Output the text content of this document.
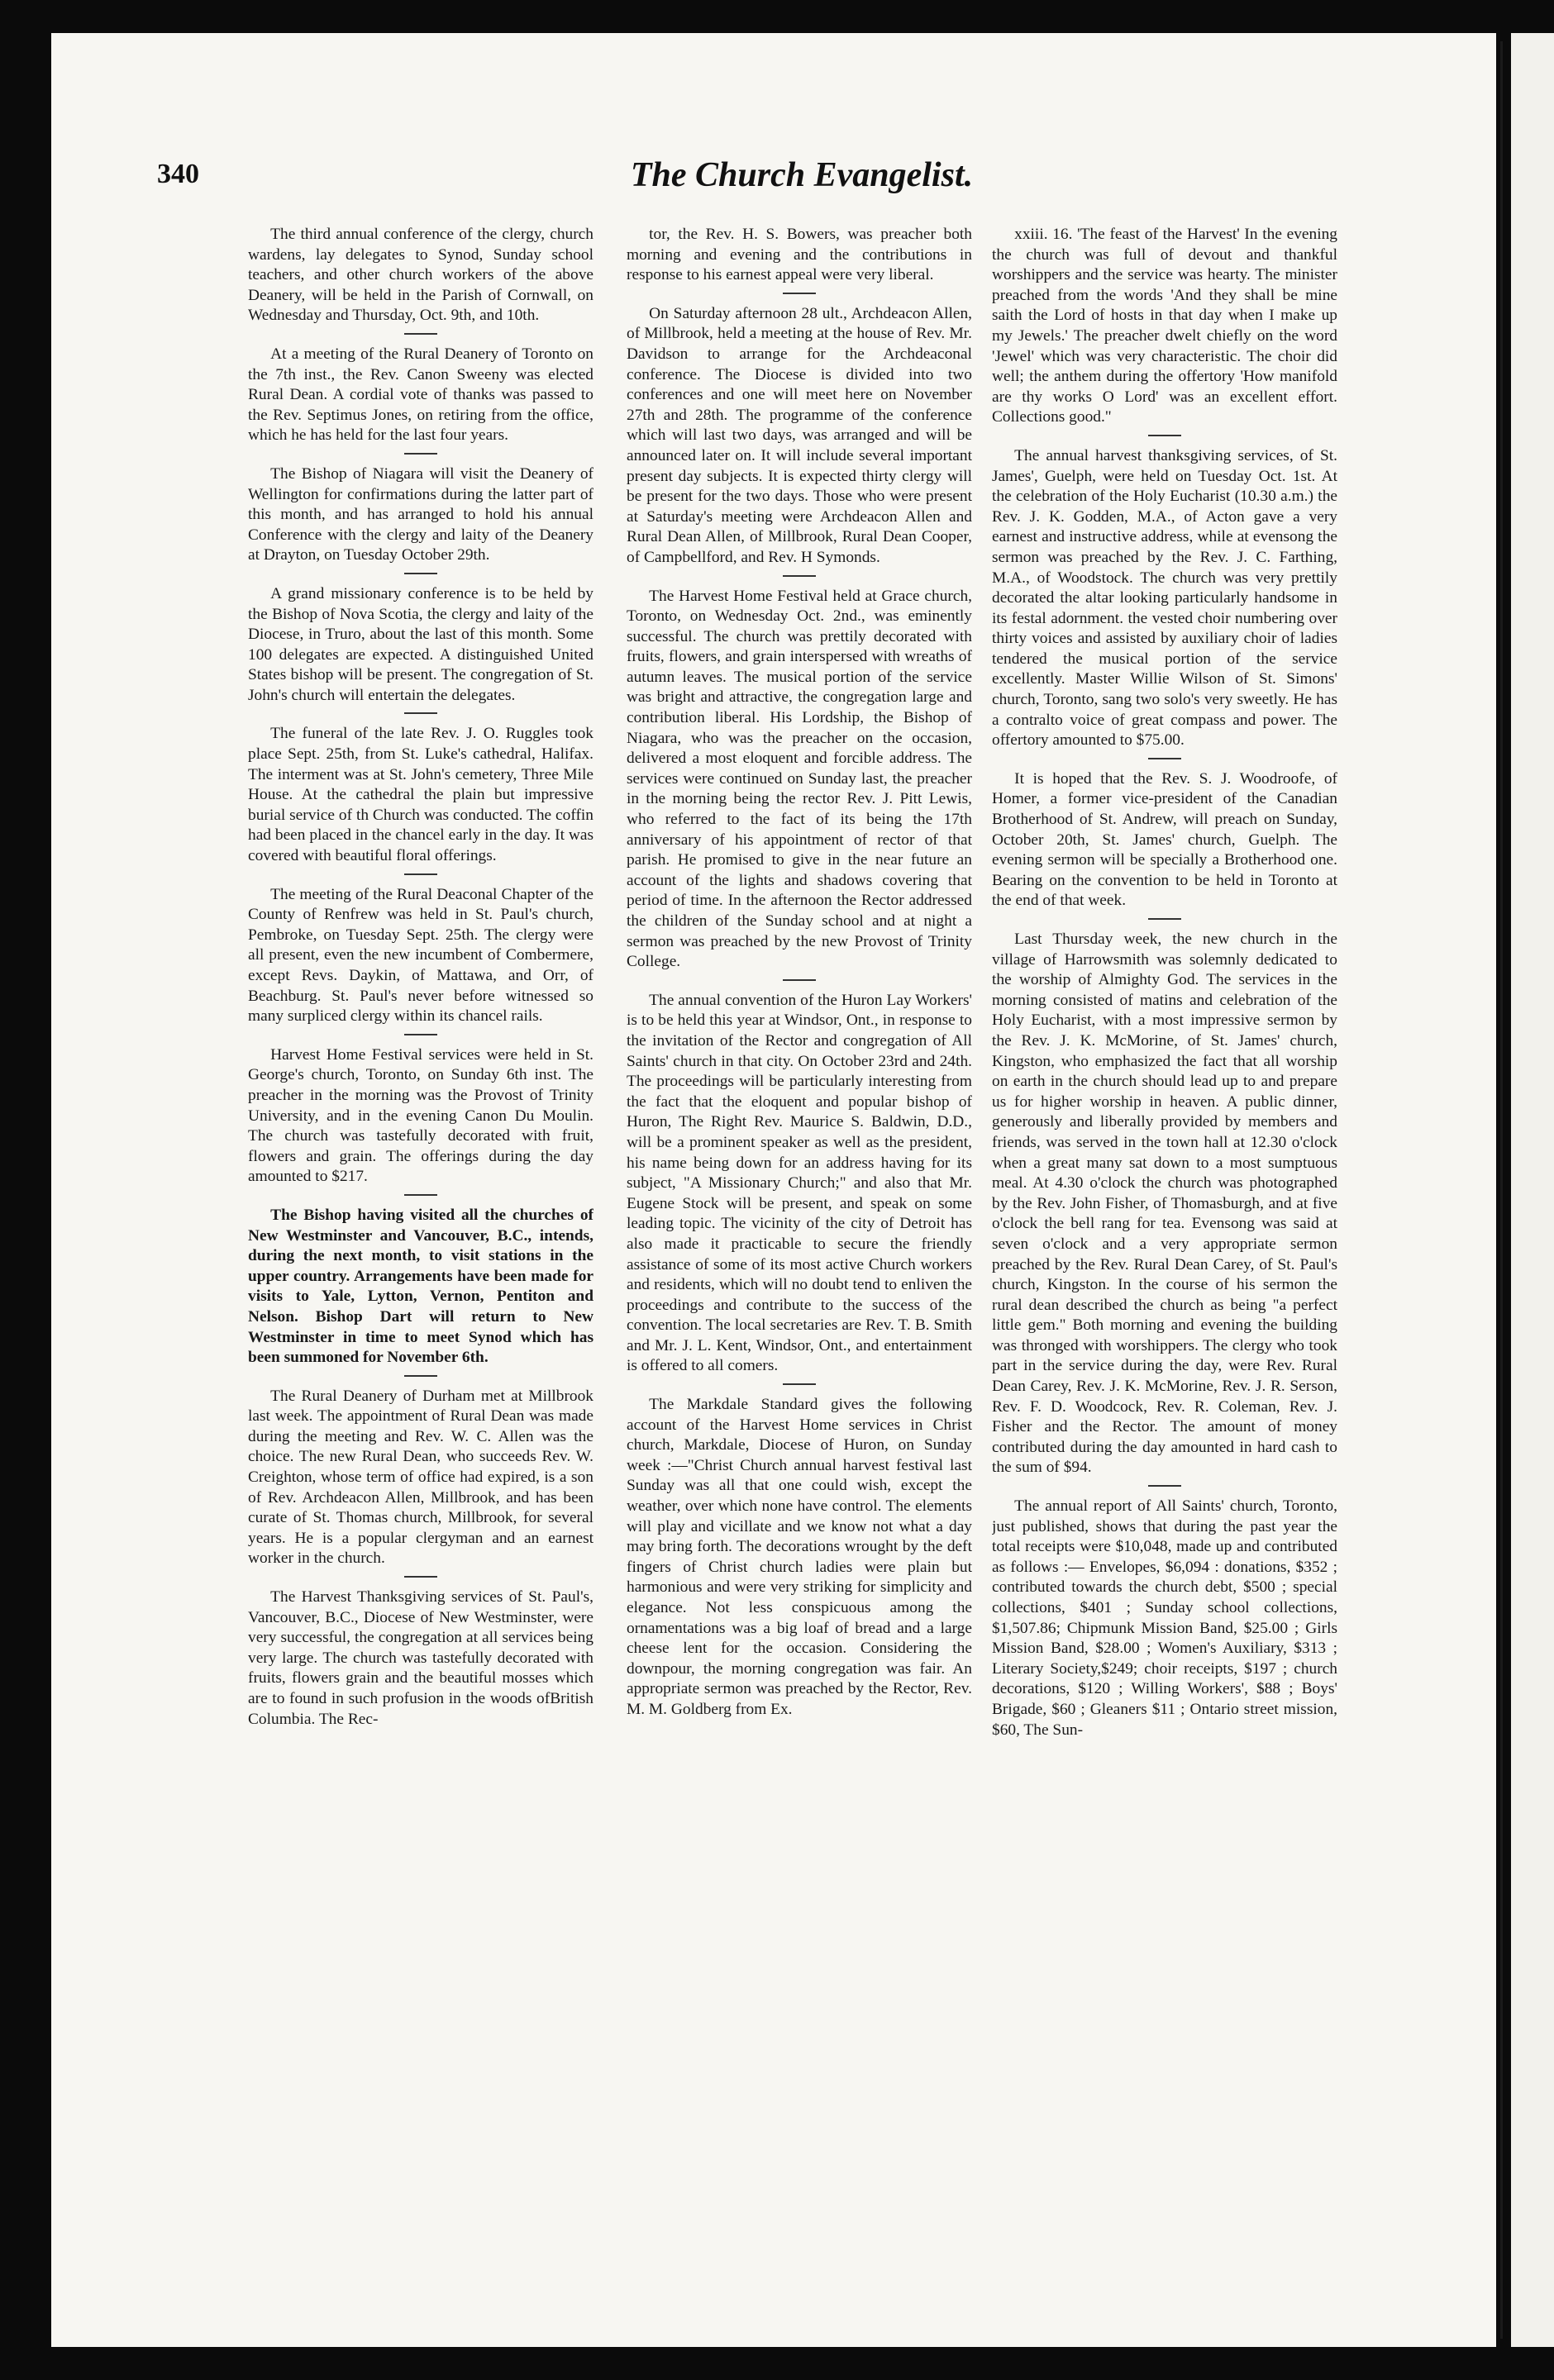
340	The Church Evangelist.

The third annual conference of the clergy, church wardens, lay delegates to Synod, Sunday school teachers, and other church workers of the above Deanery, will be held in the Parish of Cornwall, on Wednesday and Thursday, Oct. 9th, and 10th.

At a meeting of the Rural Deanery of Toronto on the 7th inst., the Rev. Canon Sweeny was elected Rural Dean. A cordial vote of thanks was passed to the Rev. Septimus Jones, on retiring from the office, which he has held for the last four years.

The Bishop of Niagara will visit the Deanery of Wellington for confirmations during the latter part of this month, and has arranged to hold his annual Conference with the clergy and laity of the Deanery at Drayton, on Tuesday October 29th.

A grand missionary conference is to be held by the Bishop of Nova Scotia, the clergy and laity of the Diocese, in Truro, about the last of this month. Some 100 delegates are expected. A distinguished United States bishop will be present. The congregation of St. John's church will entertain the delegates.

The funeral of the late Rev. J. O. Ruggles took place Sept. 25th, from St. Luke's cathedral, Halifax. The interment was at St. John's cemetery, Three Mile House. At the cathedral the plain but impressive burial service of th Church was conducted. The coffin had been placed in the chancel early in the day. It was covered with beautiful floral offerings.

The meeting of the Rural Deaconal Chapter of the County of Renfrew was held in St. Paul's church, Pembroke, on Tuesday Sept. 25th. The clergy were all present, even the new incumbent of Combermere, except Revs. Daykin, of Mattawa, and Orr, of Beachburg. St. Paul's never before witnessed so many surpliced clergy within its chancel rails.

Harvest Home Festival services were held in St. George's church, Toronto, on Sunday 6th inst. The preacher in the morning was the Provost of Trinity University, and in the evening Canon Du Moulin. The church was tastefully decorated with fruit, flowers and grain. The offerings during the day amounted to $217.

The Bishop having visited all the churches of New Westminster and Vancouver, B.C., intends, during the next month, to visit stations in the upper country. Arrangements have been made for visits to Yale, Lytton, Vernon, Pentiton and Nelson. Bishop Dart will return to New Westminster in time to meet Synod which has been summoned for November 6th.

The Rural Deanery of Durham met at Millbrook last week. The appointment of Rural Dean was made during the meeting and Rev. W. C. Allen was the choice. The new Rural Dean, who succeeds Rev. W. Creighton, whose term of office had expired, is a son of Rev. Archdeacon Allen, Millbrook, and has been curate of St. Thomas church, Millbrook, for several years. He is a popular clergyman and an earnest worker in the church.

The Harvest Thanksgiving services of St. Paul's, Vancouver, B.C., Diocese of New Westminster, were very successful, the congregation at all services being very large. The church was tastefully decorated with fruits, flowers grain and the beautiful mosses which are to found in such profusion in the woods ofBritish Columbia. The Rec-

tor, the Rev. H. S. Bowers, was preacher both morning and evening and the contributions in response to his earnest appeal were very liberal.

On Saturday afternoon 28 ult., Archdeacon Allen, of Millbrook, held a meeting at the house of Rev. Mr. Davidson to arrange for the Archdeaconal conference. The Diocese is divided into two conferences and one will meet here on November 27th and 28th. The programme of the conference which will last two days, was arranged and will be announced later on. It will include several important present day subjects. It is expected thirty clergy will be present for the two days. Those who were present at Saturday's meeting were Archdeacon Allen and Rural Dean Allen, of Millbrook, Rural Dean Cooper, of Campbellford, and Rev. H Symonds.

The Harvest Home Festival held at Grace church, Toronto, on Wednesday Oct. 2nd., was eminently successful. The church was prettily decorated with fruits, flowers, and grain interspersed with wreaths of autumn leaves. The musical portion of the service was bright and attractive, the congregation large and contribution liberal. His Lordship, the Bishop of Niagara, who was the preacher on the occasion, delivered a most eloquent and forcible address. The services were continued on Sunday last, the preacher in the morning being the rector Rev. J. Pitt Lewis, who referred to the fact of its being the 17th anniversary of his appointment of rector of that parish. He promised to give in the near future an account of the lights and shadows covering that period of time. In the afternoon the Rector addressed the children of the Sunday school and at night a sermon was preached by the new Provost of Trinity College.

The annual convention of the Huron Lay Workers' is to be held this year at Windsor, Ont., in response to the invitation of the Rector and congregation of All Saints' church in that city. On October 23rd and 24th. The proceedings will be particularly interesting from the fact that the eloquent and popular bishop of Huron, The Right Rev. Maurice S. Baldwin, D.D., will be a prominent speaker as well as the president, his name being down for an address having for its subject, "A Missionary Church;" and also that Mr. Eugene Stock will be present, and speak on some leading topic. The vicinity of the city of Detroit has also made it practicable to secure the friendly assistance of some of its most active Church workers and residents, which will no doubt tend to enliven the proceedings and contribute to the success of the convention. The local secretaries are Rev. T. B. Smith and Mr. J. L. Kent, Windsor, Ont., and entertainment is offered to all comers.

The Markdale Standard gives the following account of the Harvest Home services in Christ church, Markdale, Diocese of Huron, on Sunday week :—"Christ Church annual harvest festival last Sunday was all that one could wish, except the weather, over which none have control. The elements will play and vicillate and we know not what a day may bring forth. The decorations wrought by the deft fingers of Christ church ladies were plain but harmonious and were very striking for simplicity and elegance. Not less conspicuous among the ornamentations was a big loaf of bread and a large cheese lent for the occasion. Considering the downpour, the morning congregation was fair. An appropriate sermon was preached by the Rector, Rev. M. M. Goldberg from Ex.

xxiii. 16. 'The feast of the Harvest' In the evening the church was full of devout and thankful worshippers and the service was hearty. The minister preached from the words 'And they shall be mine saith the Lord of hosts in that day when I make up my Jewels.' The preacher dwelt chiefly on the word 'Jewel' which was very characteristic. The choir did well; the anthem during the offertory 'How manifold are thy works O Lord' was an excellent effort. Collections good."

The annual harvest thanksgiving services, of St. James', Guelph, were held on Tuesday Oct. 1st. At the celebration of the Holy Eucharist (10.30 a.m.) the Rev. J. K. Godden, M.A., of Acton gave a very earnest and instructive address, while at evensong the sermon was preached by the Rev. J. C. Farthing, M.A., of Woodstock. The church was very prettily decorated the altar looking particularly handsome in its festal adornment. the vested choir numbering over thirty voices and assisted by auxiliary choir of ladies tendered the musical portion of the service excellently. Master Willie Wilson of St. Simons' church, Toronto, sang two solo's very sweetly. He has a contralto voice of great compass and power. The offertory amounted to $75.00.

It is hoped that the Rev. S. J. Woodroofe, of Homer, a former vice-president of the Canadian Brotherhood of St. Andrew, will preach on Sunday, October 20th, St. James' church, Guelph. The evening sermon will be specially a Brotherhood one. Bearing on the convention to be held in Toronto at the end of that week.

Last Thursday week, the new church in the village of Harrowsmith was solemnly dedicated to the worship of Almighty God. The services in the morning consisted of matins and celebration of the Holy Eucharist, with a most impressive sermon by the Rev. J. K. McMorine, of St. James' church, Kingston, who emphasized the fact that all worship on earth in the church should lead up to and prepare us for higher worship in heaven. A public dinner, generously and liberally provided by members and friends, was served in the town hall at 12.30 o'clock when a great many sat down to a most sumptuous meal. At 4.30 o'clock the church was photographed by the Rev. John Fisher, of Thomasburgh, and at five o'clock the bell rang for tea. Evensong was said at seven o'clock and a very appropriate sermon preached by the Rev. Rural Dean Carey, of St. Paul's church, Kingston. In the course of his sermon the rural dean described the church as being "a perfect little gem." Both morning and evening the building was thronged with worshippers. The clergy who took part in the service during the day, were Rev. Rural Dean Carey, Rev. J. K. McMorine, Rev. J. R. Serson, Rev. F. D. Woodcock, Rev. R. Coleman, Rev. J. Fisher and the Rector. The amount of money contributed during the day amounted in hard cash to the sum of $94.

The annual report of All Saints' church, Toronto, just published, shows that during the past year the total receipts were $10,048, made up and contributed as follows :— Envelopes, $6,094 : donations, $352 ; contributed towards the church debt, $500 ; special collections, $401 ; Sunday school collections, $1,507.86; Chipmunk Mission Band, $25.00 ; Girls Mission Band, $28.00 ; Women's Auxiliary, $313 ; Literary Society,$249; choir receipts, $197 ; church decorations, $120 ; Willing Workers', $88 ; Boys' Brigade, $60 ; Gleaners $11 ; Ontario street mission, $60, The Sun-
